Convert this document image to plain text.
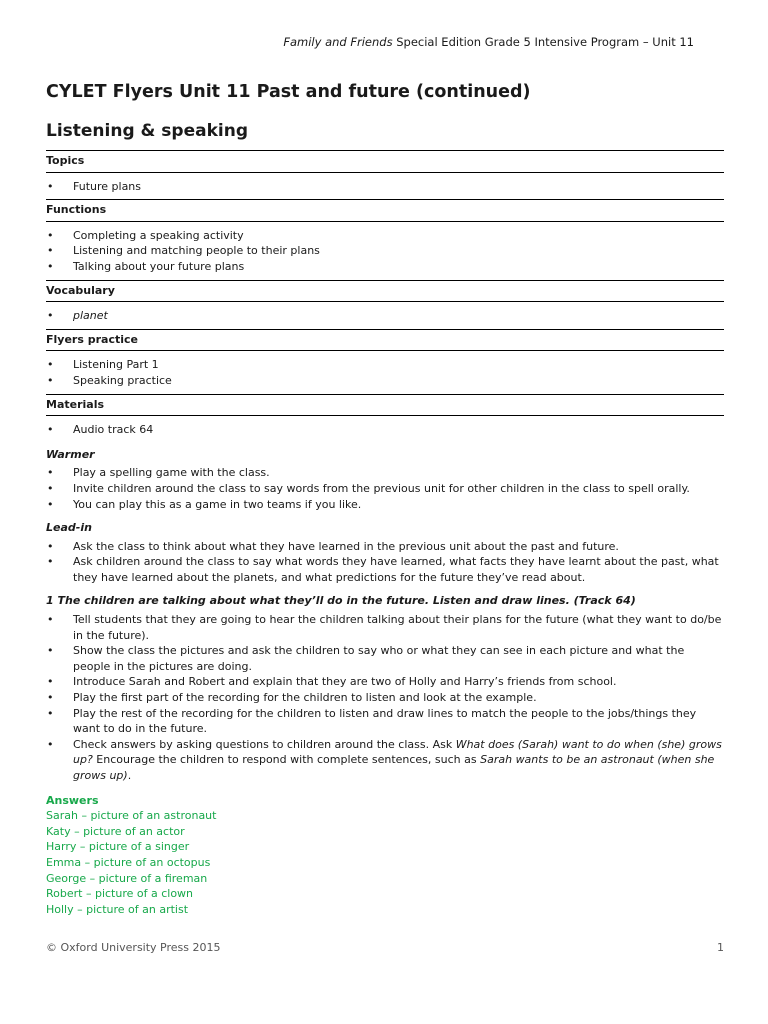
Family and Friends Special Edition Grade 5 Intensive Program – Unit 11
CYLET Flyers Unit 11 Past and future (continued)
Listening & speaking
Topics
• Future plans
Functions
• Completing a speaking activity
• Listening and matching people to their plans
• Talking about your future plans
Vocabulary
• planet
Flyers practice
• Listening Part 1
• Speaking practice
Materials
• Audio track 64
Warmer
• Play a spelling game with the class.
• Invite children around the class to say words from the previous unit for other children in the class to spell orally.
• You can play this as a game in two teams if you like.
Lead-in
• Ask the class to think about what they have learned in the previous unit about the past and future.
• Ask children around the class to say what words they have learned, what facts they have learnt about the past, what they have learned about the planets, and what predictions for the future they’ve read about.
1 The children are talking about what they’ll do in the future. Listen and draw lines. (Track 64)
• Tell students that they are going to hear the children talking about their plans for the future (what they want to do/be in the future).
• Show the class the pictures and ask the children to say who or what they can see in each picture and what the people in the pictures are doing.
• Introduce Sarah and Robert and explain that they are two of Holly and Harry’s friends from school.
• Play the first part of the recording for the children to listen and look at the example.
• Play the rest of the recording for the children to listen and draw lines to match the people to the jobs/things they want to do in the future.
• Check answers by asking questions to children around the class. Ask What does (Sarah) want to do when (she) grows up? Encourage the children to respond with complete sentences, such as Sarah wants to be an astronaut (when she grows up).
Answers
Sarah – picture of an astronaut
Katy – picture of an actor
Harry – picture of a singer
Emma – picture of an octopus
George – picture of a fireman
Robert – picture of a clown
Holly – picture of an artist
© Oxford University Press 2015	1
